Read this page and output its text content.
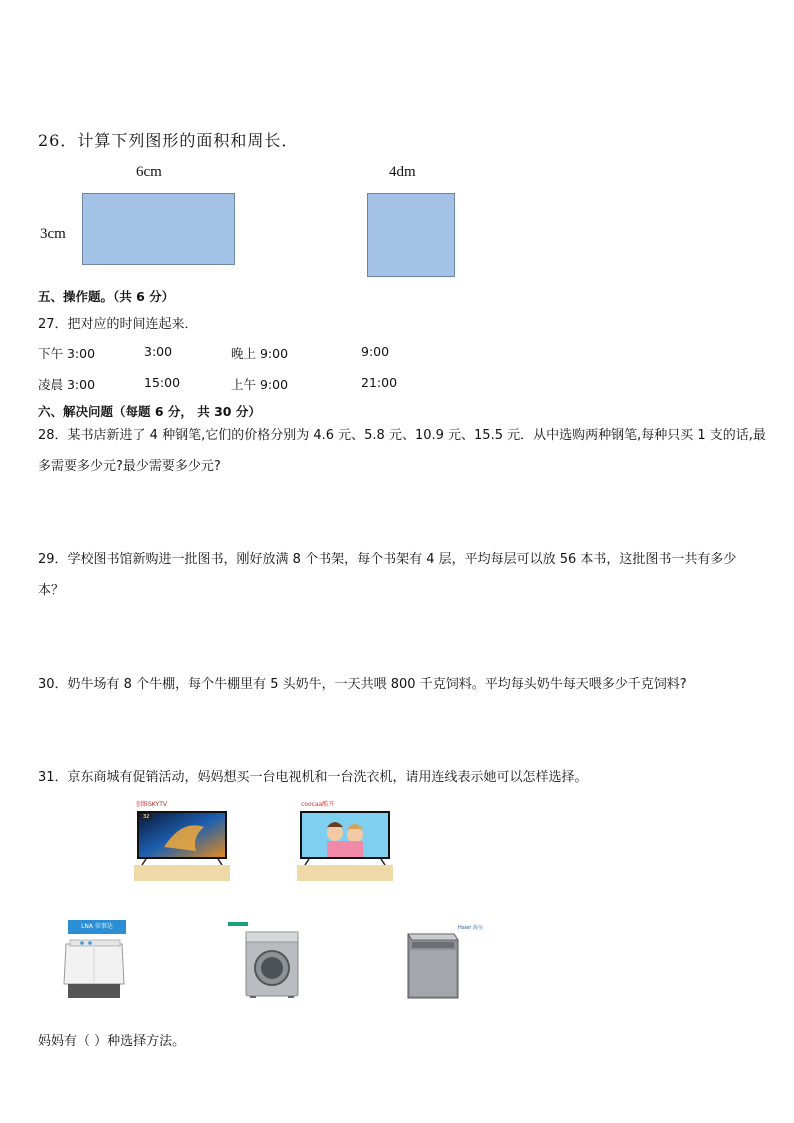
26．计算下列图形的面积和周长．
6cm
3cm
4dm
五、操作题。（共 6 分）
27．把对应的时间连起来．
下午 3:00	3:00	晚上 9:00	9:00
凌晨 3:00	15:00	上午 9:00	21:00
六、解决问题（每题 6 分， 共 30 分）
28．某书店新进了 4 种钢笔,它们的价格分别为 4.6 元、5.8 元、10.9 元、15.5 元．从中选购两种钢笔,每种只买 1 支的话,最多需要多少元?最少需要多少元?
29．学校图书馆新购进一批图书，刚好放满 8 个书架，每个书架有 4 层，平均每层可以放 56 本书，这批图书一共有多少本？
30．奶牛场有 8 个牛棚，每个牛棚里有 5 头奶牛，一天共喂 800 千克饲料。平均每头奶牛每天喂多少千克饲料?
31．京东商城有促销活动，妈妈想买一台电视机和一台洗衣机，请用连线表示她可以怎样选择。
创维SKYTV
32
coocaa酷开
LNA 荣事达	Haier 海尔
妈妈有（ ）种选择方法。
